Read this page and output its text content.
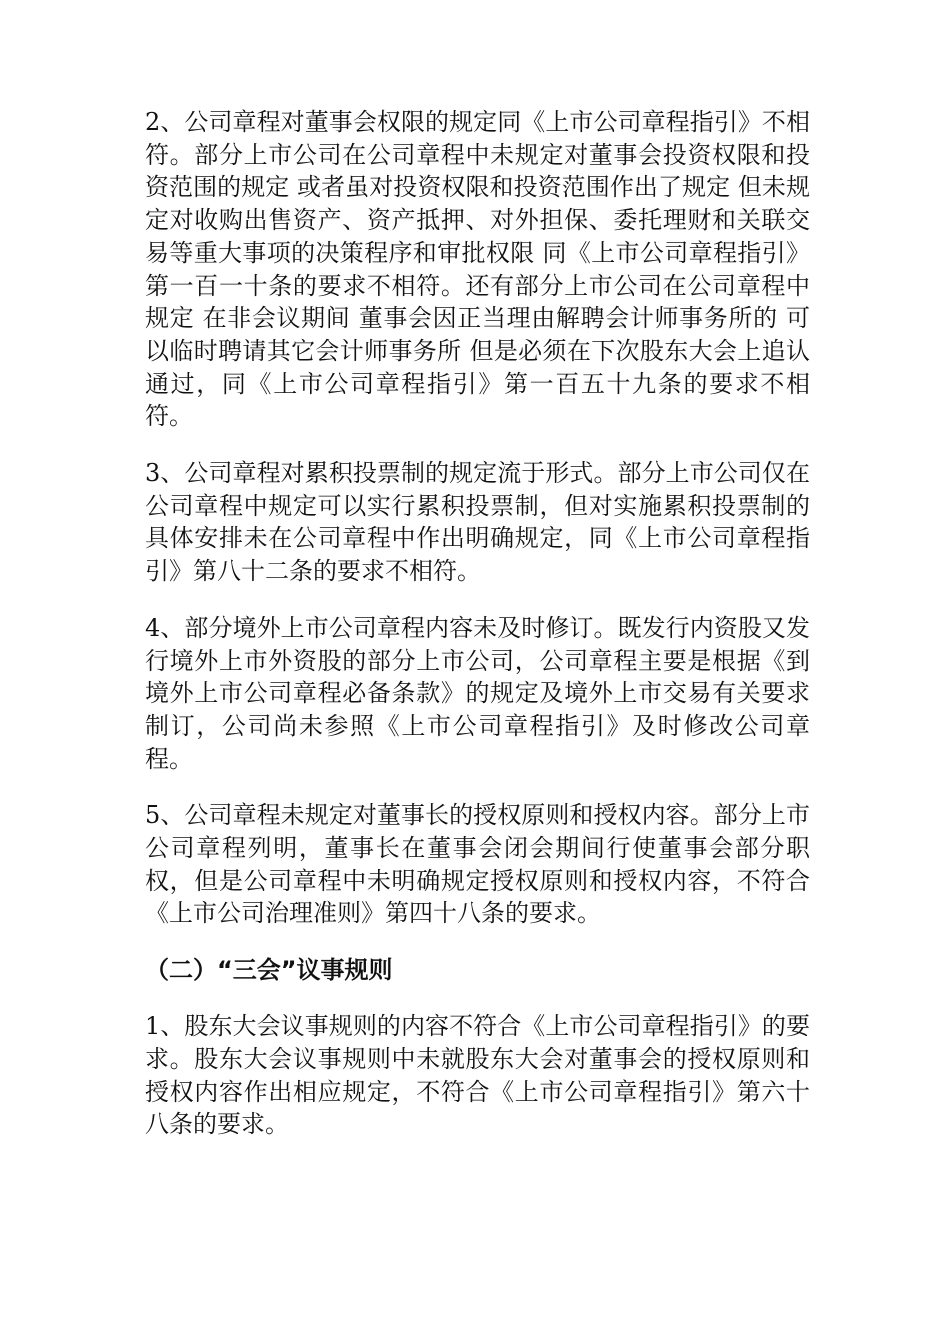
2、公司章程对董事会权限的规定同《上市公司章程指引》不相符。部分上市公司在公司章程中未规定对董事会投资权限和投资范围的规定 或者虽对投资权限和投资范围作出了规定 但未规定对收购出售资产、资产抵押、对外担保、委托理财和关联交易等重大事项的决策程序和审批权限 同《上市公司章程指引》第一百一十条的要求不相符。还有部分上市公司在公司章程中规定 在非会议期间 董事会因正当理由解聘会计师事务所的 可以临时聘请其它会计师事务所 但是必须在下次股东大会上追认通过，同《上市公司章程指引》第一百五十九条的要求不相符。

3、公司章程对累积投票制的规定流于形式。部分上市公司仅在公司章程中规定可以实行累积投票制，但对实施累积投票制的具体安排未在公司章程中作出明确规定，同《上市公司章程指引》第八十二条的要求不相符。

4、部分境外上市公司章程内容未及时修订。既发行内资股又发行境外上市外资股的部分上市公司，公司章程主要是根据《到境外上市公司章程必备条款》的规定及境外上市交易有关要求制订，公司尚未参照《上市公司章程指引》及时修改公司章程。

5、公司章程未规定对董事长的授权原则和授权内容。部分上市公司章程列明，董事长在董事会闭会期间行使董事会部分职权，但是公司章程中未明确规定授权原则和授权内容，不符合《上市公司治理准则》第四十八条的要求。

（二）“三会”议事规则

1、股东大会议事规则的内容不符合《上市公司章程指引》的要求。股东大会议事规则中未就股东大会对董事会的授权原则和授权内容作出相应规定，不符合《上市公司章程指引》第六十八条的要求。
